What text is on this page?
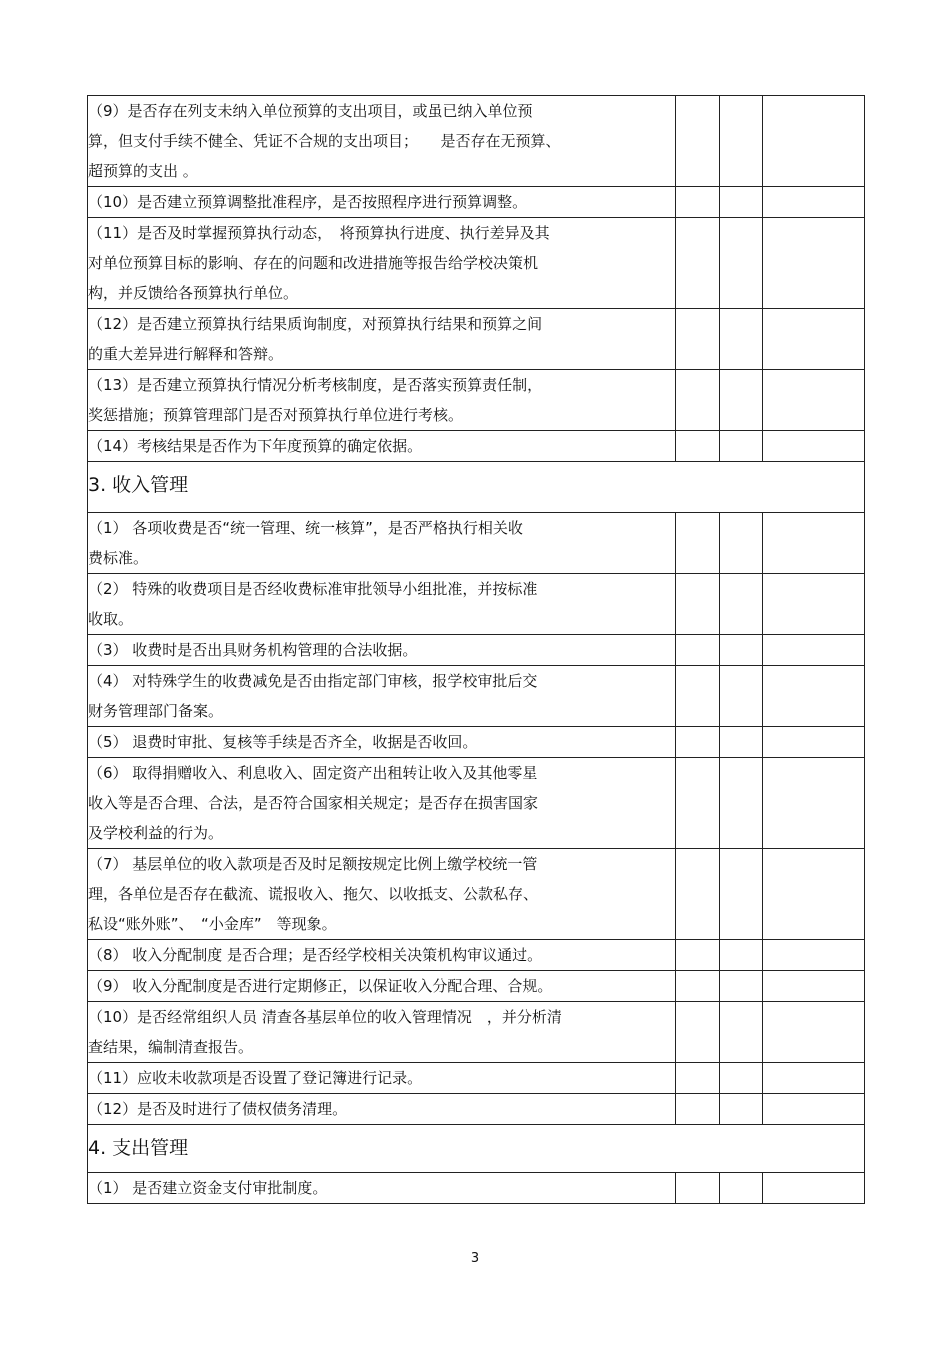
（9）是否存在列支未纳入单位预算的支出项目，或虽已纳入单位预
算，但支付手续不健全、凭证不合规的支出项目；　　是否存在无预算、
超预算的支出 。			

（10）是否建立预算调整批准程序，是否按照程序进行预算调整。			

（11）是否及时掌握预算执行动态，　将预算执行进度、执行差异及其
对单位预算目标的影响、存在的问题和改进措施等报告给学校决策机
构，并反馈给各预算执行单位。			

（12）是否建立预算执行结果质询制度，对预算执行结果和预算之间
的重大差异进行解释和答辩。			

（13）是否建立预算执行情况分析考核制度，是否落实预算责任制，
奖惩措施；预算管理部门是否对预算执行单位进行考核。			

（14）考核结果是否作为下年度预算的确定依据。			

3. 收入管理			

（1） 各项收费是否“统一管理、统一核算”，是否严格执行相关收
费标准。			

（2） 特殊的收费项目是否经收费标准审批领导小组批准，并按标准
收取。			

（3） 收费时是否出具财务机构管理的合法收据。			

（4） 对特殊学生的收费减免是否由指定部门审核，报学校审批后交
财务管理部门备案。			

（5） 退费时审批、复核等手续是否齐全，收据是否收回。			

（6） 取得捐赠收入、利息收入、固定资产出租转让收入及其他零星
收入等是否合理、合法，是否符合国家相关规定；是否存在损害国家
及学校利益的行为。			

（7） 基层单位的收入款项是否及时足额按规定比例上缴学校统一管
理，各单位是否存在截流、谎报收入、拖欠、以收抵支、公款私存、
私设“账外账”、　“小金库”　等现象。			

（8） 收入分配制度 是否合理；是否经学校相关决策机构审议通过。			

（9） 收入分配制度是否进行定期修正，以保证收入分配合理、合规。			

（10）是否经常组织人员 清查各基层单位的收入管理情况　，并分析清
查结果，编制清查报告。			

（11）应收未收款项是否设置了登记簿进行记录。			

（12）是否及时进行了债权债务清理。			

4. 支出管理			

（1） 是否建立资金支付审批制度。			

3
